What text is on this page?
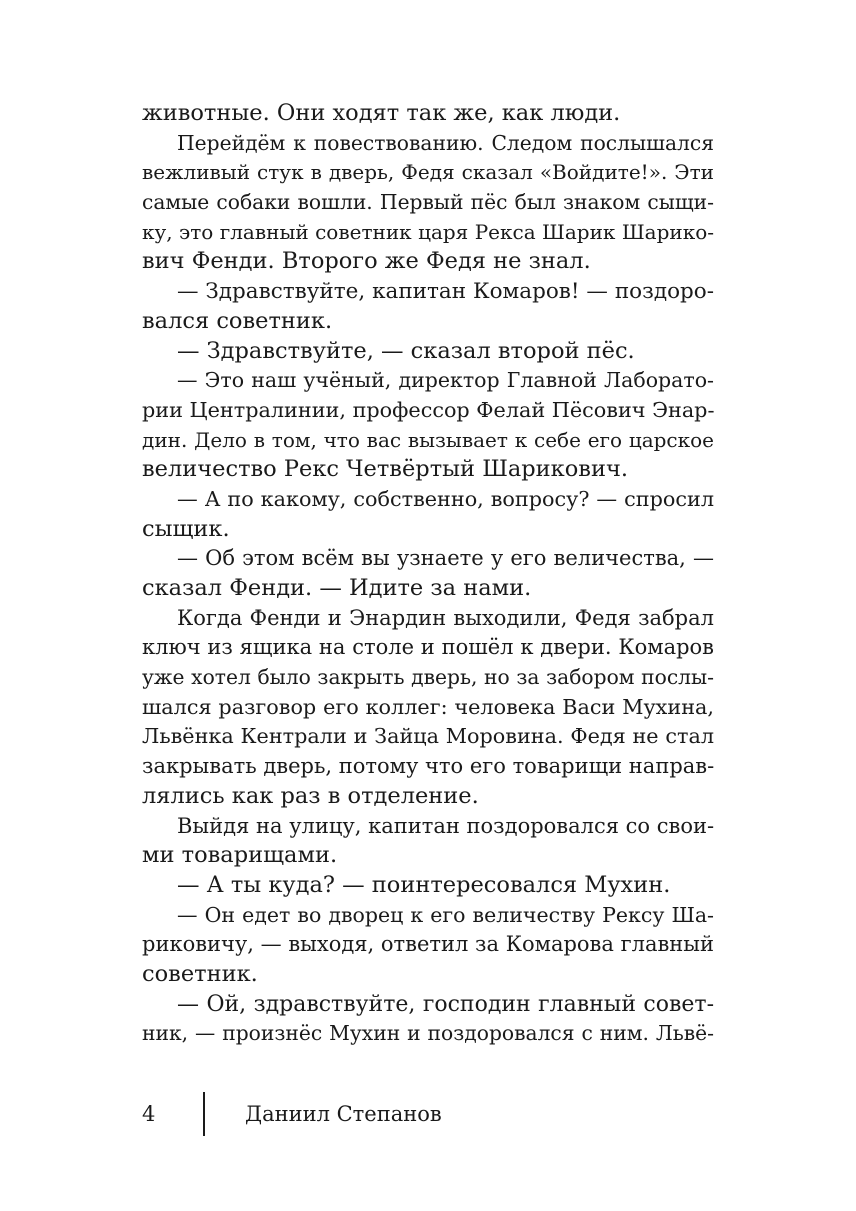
животные. Они ходят так же, как люди.
Перейдём к повествованию. Следом послышался
вежливый стук в дверь, Федя сказал «Войдите!». Эти
самые собаки вошли. Первый пёс был знаком сыщи-
ку, это главный советник царя Рекса Шарик Шарико-
вич Фенди. Второго же Федя не знал.
— Здравствуйте, капитан Комаров! — поздоро-
вался советник.
— Здравствуйте, — сказал второй пёс.
— Это наш учёный, директор Главной Лаборато-
рии Централинии, профессор Фелай Пёсович Энар-
дин. Дело в том, что вас вызывает к себе его царское
величество Рекс Четвёртый Шарикович.
— А по какому, собственно, вопросу? — спросил
сыщик.
— Об этом всём вы узнаете у его величества, —
сказал Фенди. — Идите за нами.
Когда Фенди и Энардин выходили, Федя забрал
ключ из ящика на столе и пошёл к двери. Комаров
уже хотел было закрыть дверь, но за забором послы-
шался разговор его коллег: человека Васи Мухина,
Львёнка Кентрали и Зайца Моровина. Федя не стал
закрывать дверь, потому что его товарищи направ-
лялись как раз в отделение.
Выйдя на улицу, капитан поздоровался со свои-
ми товарищами.
— А ты куда? — поинтересовался Мухин.
— Он едет во дворец к его величеству Рексу Ша-
риковичу, — выходя, ответил за Комарова главный
советник.
— Ой, здравствуйте, господин главный совет-
ник, — произнёс Мухин и поздоровался с ним. Львё-
4	Даниил Степанов
